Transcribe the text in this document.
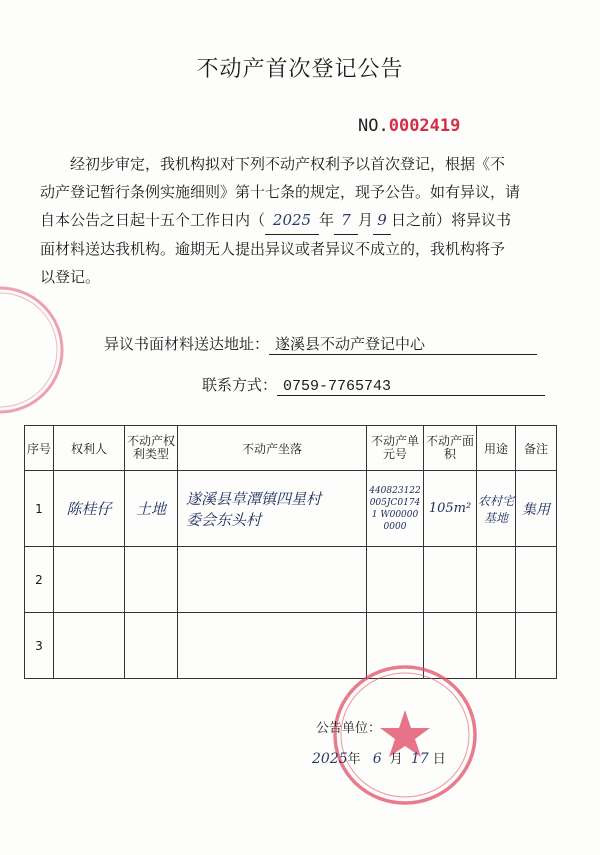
不动产首次登记公告
NO.0002419
经初步审定，我机构拟对下列不动产权利予以首次登记，根据《不
动产登记暂行条例实施细则》第十七条的规定，现予公告。如有异议，请
自本公告之日起十五个工作日内（ 2025 年 7 月 9 日之前）将异议书
面材料送达我机构。逾期无人提出异议或者异议不成立的，我机构将予
以登记。
异议书面材料送达地址： 遂溪县不动产登记中心
联系方式： 0759-7765743
序号	权利人	不动产权利类型	不动产坐落	不动产单元号	不动产面 积	用途	备注
1	陈桂仔	土地	遂溪县草潭镇四星村
委会东头村	440823122 005JC01741 W00000 0000	105m²	农村宅基地	集用
2							
3							
公告单位：
2025年 6 月 17 日
